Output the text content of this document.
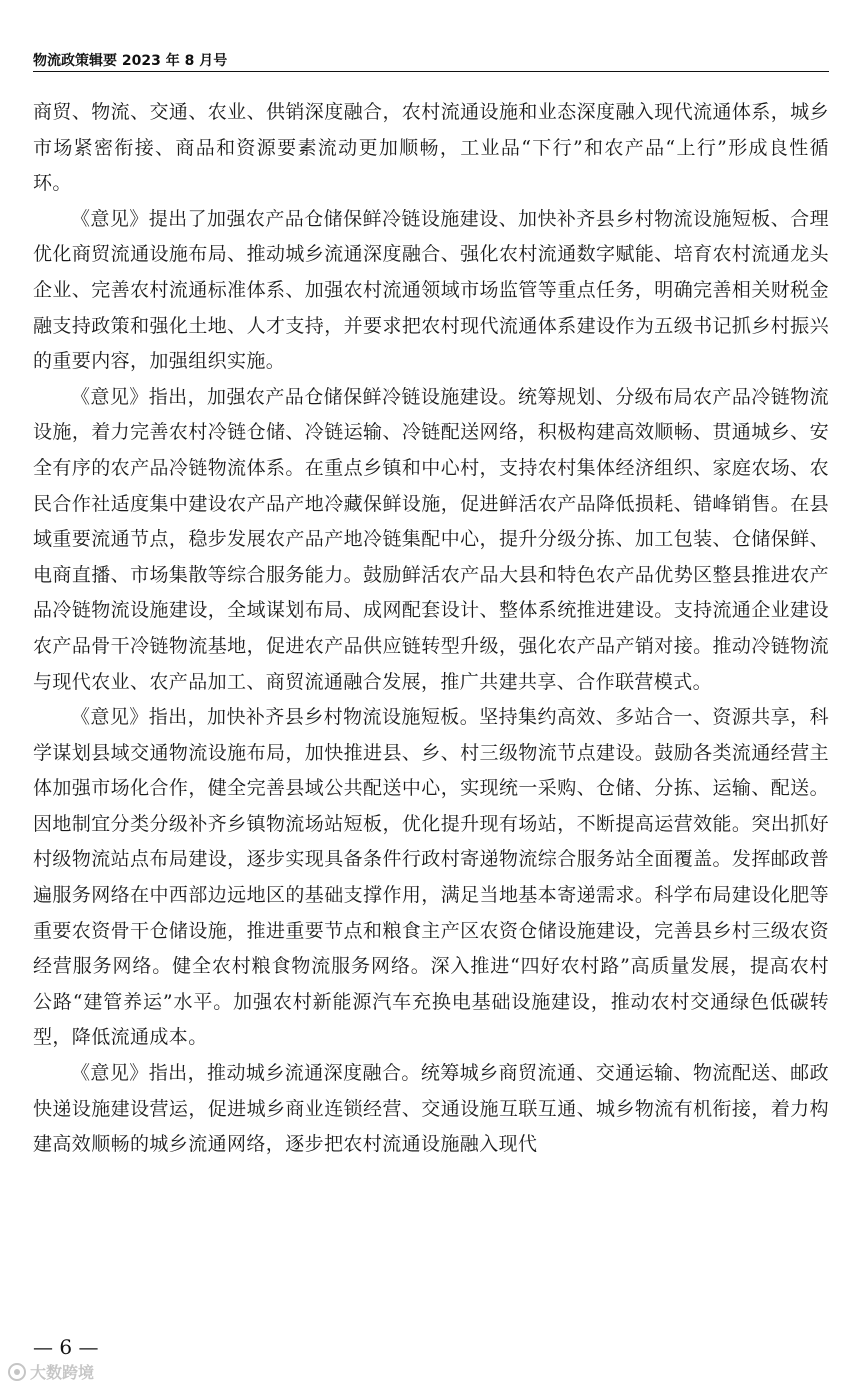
物流政策辑要 2023 年 8 月号

商贸、物流、交通、农业、供销深度融合，农村流通设施和业态深度融入现代流通体系，城乡市场紧密衔接、商品和资源要素流动更加顺畅，工业品“下行”和农产品“上行”形成良性循环。

《意见》提出了加强农产品仓储保鲜冷链设施建设、加快补齐县乡村物流设施短板、合理优化商贸流通设施布局、推动城乡流通深度融合、强化农村流通数字赋能、培育农村流通龙头企业、完善农村流通标准体系、加强农村流通领域市场监管等重点任务，明确完善相关财税金融支持政策和强化土地、人才支持，并要求把农村现代流通体系建设作为五级书记抓乡村振兴的重要内容，加强组织实施。

《意见》指出，加强农产品仓储保鲜冷链设施建设。统筹规划、分级布局农产品冷链物流设施，着力完善农村冷链仓储、冷链运输、冷链配送网络，积极构建高效顺畅、贯通城乡、安全有序的农产品冷链物流体系。在重点乡镇和中心村，支持农村集体经济组织、家庭农场、农民合作社适度集中建设农产品产地冷藏保鲜设施，促进鲜活农产品降低损耗、错峰销售。在县域重要流通节点，稳步发展农产品产地冷链集配中心，提升分级分拣、加工包装、仓储保鲜、电商直播、市场集散等综合服务能力。鼓励鲜活农产品大县和特色农产品优势区整县推进农产品冷链物流设施建设，全域谋划布局、成网配套设计、整体系统推进建设。支持流通企业建设农产品骨干冷链物流基地，促进农产品供应链转型升级，强化农产品产销对接。推动冷链物流与现代农业、农产品加工、商贸流通融合发展，推广共建共享、合作联营模式。

《意见》指出，加快补齐县乡村物流设施短板。坚持集约高效、多站合一、资源共享，科学谋划县域交通物流设施布局，加快推进县、乡、村三级物流节点建设。鼓励各类流通经营主体加强市场化合作，健全完善县域公共配送中心，实现统一采购、仓储、分拣、运输、配送。因地制宜分类分级补齐乡镇物流场站短板，优化提升现有场站，不断提高运营效能。突出抓好村级物流站点布局建设，逐步实现具备条件行政村寄递物流综合服务站全面覆盖。发挥邮政普遍服务网络在中西部边远地区的基础支撑作用，满足当地基本寄递需求。科学布局建设化肥等重要农资骨干仓储设施，推进重要节点和粮食主产区农资仓储设施建设，完善县乡村三级农资经营服务网络。健全农村粮食物流服务网络。深入推进“四好农村路”高质量发展，提高农村公路“建管养运”水平。加强农村新能源汽车充换电基础设施建设，推动农村交通绿色低碳转型，降低流通成本。

《意见》指出，推动城乡流通深度融合。统筹城乡商贸流通、交通运输、物流配送、邮政快递设施建设营运，促进城乡商业连锁经营、交通设施互联互通、城乡物流有机衔接，着力构建高效顺畅的城乡流通网络，逐步把农村流通设施融入现代

— 6 —
大数跨境
